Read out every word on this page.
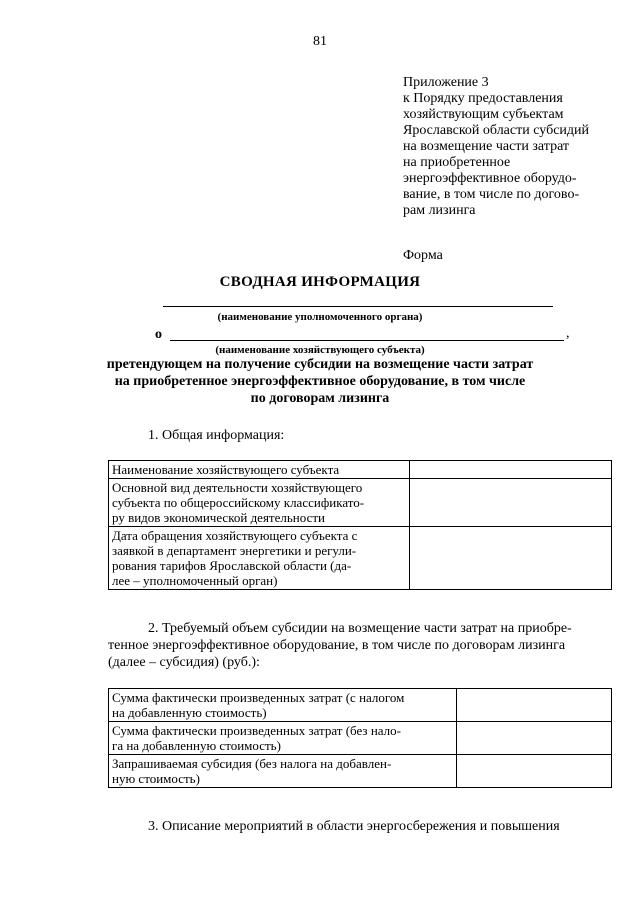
81
Приложение 3
к Порядку предоставления
хозяйствующим субъектам
Ярославской области субсидий
на возмещение части затрат
на приобретенное
энергоэффективное оборудо-
вание, в том числе по догово-
рам лизинга
Форма
СВОДНАЯ ИНФОРМАЦИЯ
(наименование уполномоченного органа)
о	,
(наименование хозяйствующего субъекта)
претендующем на получение субсидии на возмещение части затрат
на приобретенное энергоэффективное оборудование, в том числе
по договорам лизинга
1. Общая информация:
Наименование хозяйствующего субъекта	

Основной вид деятельности хозяйствующего
субъекта по общероссийскому классификато-
ру видов экономической деятельности	

Дата обращения хозяйствующего субъекта с
заявкой в департамент энергетики и регули-
рования тарифов Ярославской области (да-
лее – уполномоченный орган)	

2. Требуемый объем субсидии на возмещение части затрат на приобре-
тенное энергоэффективное оборудование, в том числе по договорам лизинга
(далее – субсидия) (руб.):
Сумма фактически произведенных затрат (с налогом
на добавленную стоимость)	

Сумма фактически произведенных затрат (без нало-
га на добавленную стоимость)	

Запрашиваемая субсидия (без налога на добавлен-
ную стоимость)	

3. Описание мероприятий в области энергосбережения и повышения
